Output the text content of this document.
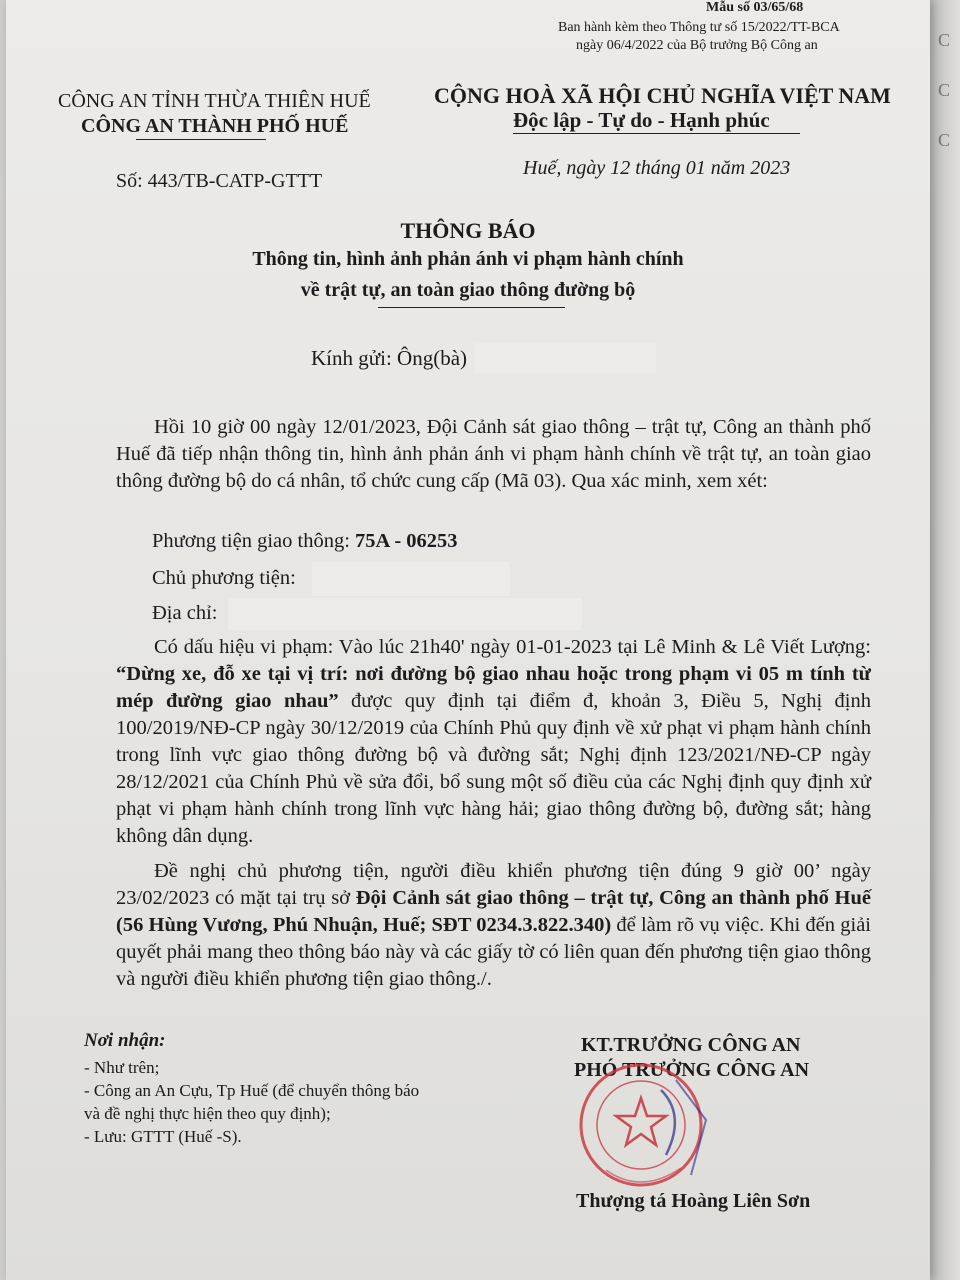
C
C
C
Mẫu số 03/65/68
Ban hành kèm theo Thông tư số 15/2022/TT-BCA
ngày 06/4/2022 của Bộ trưởng Bộ Công an
CÔNG AN TỈNH THỪA THIÊN HUẾ
CÔNG AN THÀNH PHỐ HUẾ
CỘNG HOÀ XÃ HỘI CHỦ NGHĨA VIỆT NAM
Độc lập - Tự do - Hạnh phúc
Số: 443/TB-CATP-GTTT
Huế, ngày 12 tháng 01 năm 2023
THÔNG BÁO
Thông tin, hình ảnh phản ánh vi phạm hành chính
về trật tự, an toàn giao thông đường bộ
Kính gửi: Ông(bà)

Hồi 10 giờ 00 ngày 12/01/2023, Đội Cảnh sát giao thông – trật tự, Công an thành phố Huế đã tiếp nhận thông tin, hình ảnh phản ánh vi phạm hành chính về trật tự, an toàn giao thông đường bộ do cá nhân, tổ chức cung cấp (Mã 03). Qua xác minh, xem xét:

Phương tiện giao thông: 75A - 06253
Chủ phương tiện:
Địa chỉ:

Có dấu hiệu vi phạm: Vào lúc 21h40' ngày 01-01-2023 tại Lê Minh & Lê Viết Lượng: “Dừng xe, đỗ xe tại vị trí: nơi đường bộ giao nhau hoặc trong phạm vi 05 m tính từ mép đường giao nhau” được quy định tại điểm đ, khoản 3, Điều 5, Nghị định 100/2019/NĐ-CP ngày 30/12/2019 của Chính Phủ quy định về xử phạt vi phạm hành chính trong lĩnh vực giao thông đường bộ và đường sắt; Nghị định 123/2021/NĐ-CP ngày 28/12/2021 của Chính Phủ về sửa đổi, bổ sung một số điều của các Nghị định quy định xử phạt vi phạm hành chính trong lĩnh vực hàng hải; giao thông đường bộ, đường sắt; hàng không dân dụng.

Đề nghị chủ phương tiện, người điều khiển phương tiện đúng 9 giờ 00’ ngày 23/02/2023 có mặt tại trụ sở Đội Cảnh sát giao thông – trật tự, Công an thành phố Huế (56 Hùng Vương, Phú Nhuận, Huế; SĐT 0234.3.822.340) để làm rõ vụ việc. Khi đến giải quyết phải mang theo thông báo này và các giấy tờ có liên quan đến phương tiện giao thông và người điều khiển phương tiện giao thông./.

Nơi nhận:
- Như trên;
- Công an An Cựu, Tp Huế (để chuyển thông báo
và đề nghị thực hiện theo quy định);
- Lưu: GTTT (Huế -S).
KT.TRƯỞNG CÔNG AN
PHÓ TRƯỞNG CÔNG AN
Thượng tá Hoàng Liên Sơn
